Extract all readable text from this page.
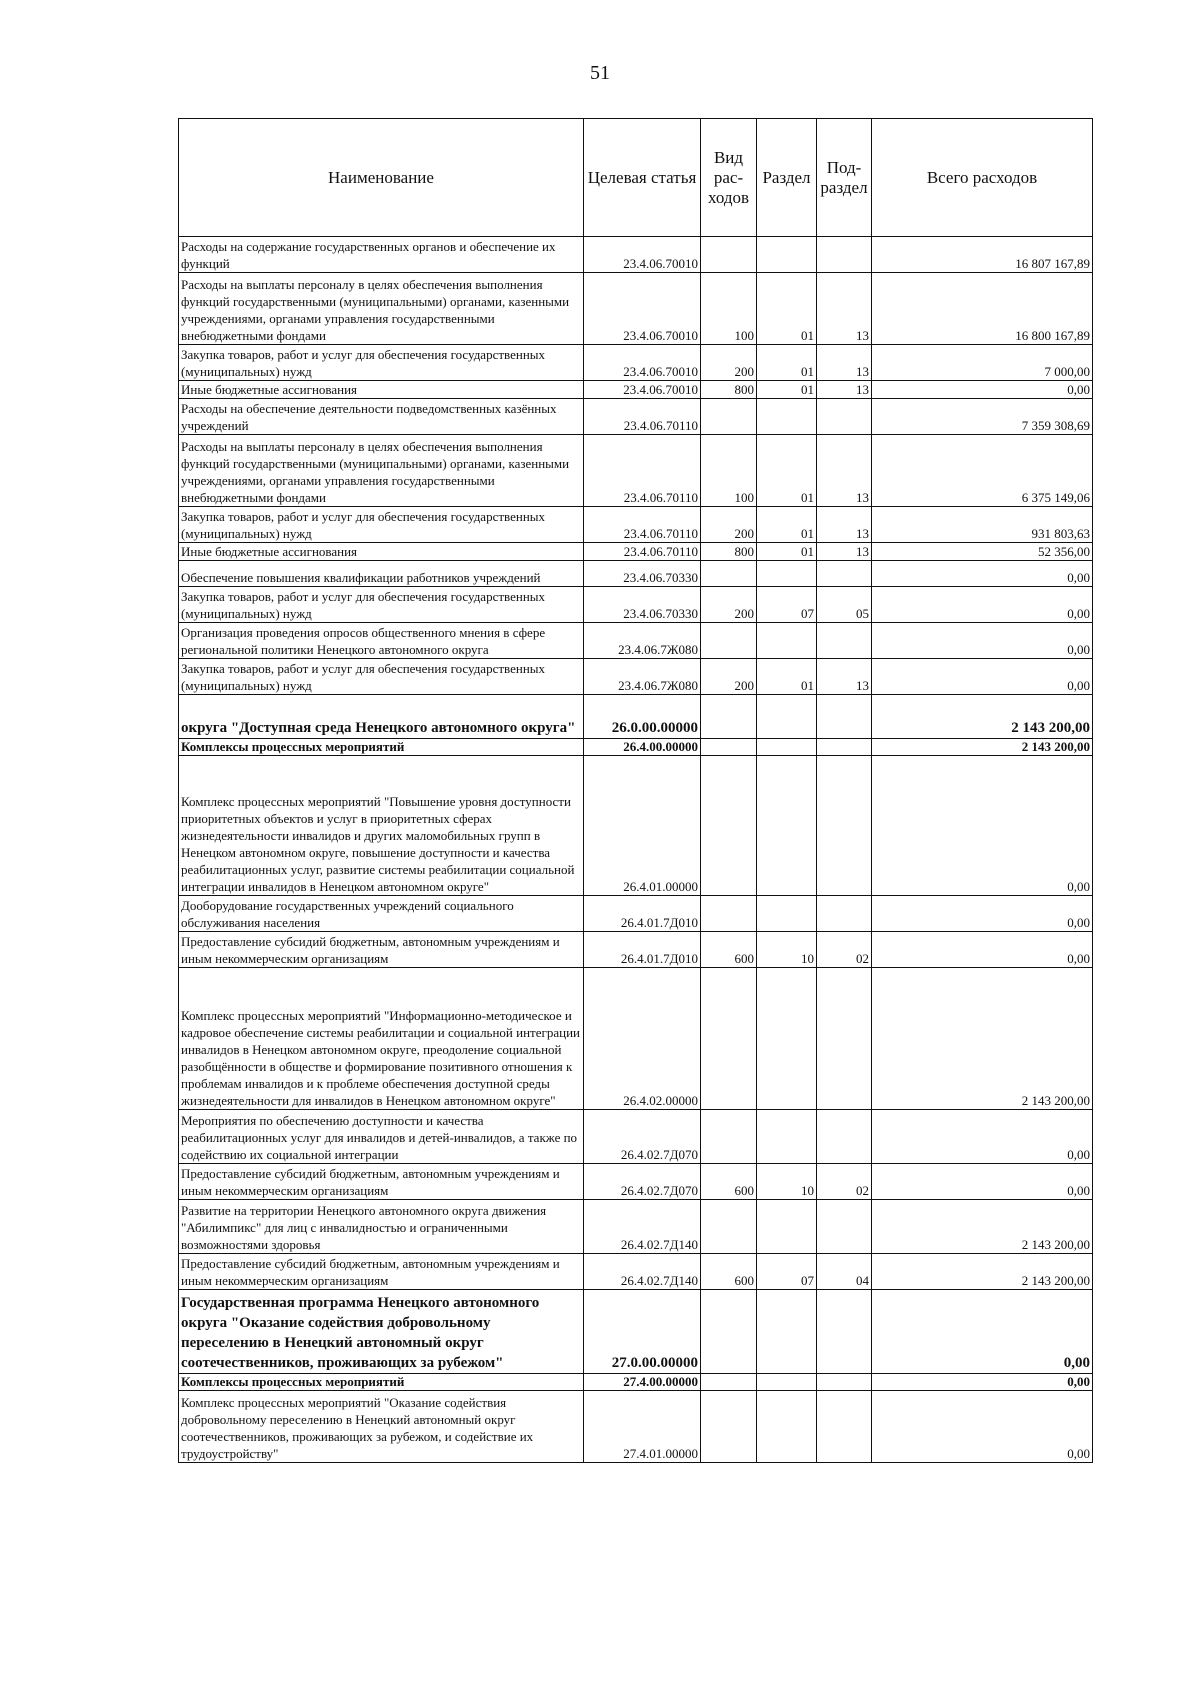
51
Наименование	Целевая статья	Вид рас-ходов	Раздел	Под-раздел	Всего расходов
Расходы на содержание государственных органов и обеспечение их функций	23.4.06.70010				16 807 167,89
Расходы на выплаты персоналу в целях обеспечения выполнения функций государственными (муниципальными) органами, казенными учреждениями, органами управления государственными внебюджетными фондами	23.4.06.70010	100	01	13	16 800 167,89
Закупка товаров, работ и услуг для обеспечения государственных (муниципальных) нужд	23.4.06.70010	200	01	13	7 000,00
Иные бюджетные ассигнования	23.4.06.70010	800	01	13	0,00
Расходы на обеспечение деятельности подведомственных казённых учреждений	23.4.06.70110				7 359 308,69
Расходы на выплаты персоналу в целях обеспечения выполнения функций государственными (муниципальными) органами, казенными учреждениями, органами управления государственными внебюджетными фондами	23.4.06.70110	100	01	13	6 375 149,06
Закупка товаров, работ и услуг для обеспечения государственных (муниципальных) нужд	23.4.06.70110	200	01	13	931 803,63
Иные бюджетные ассигнования	23.4.06.70110	800	01	13	52 356,00
Обеспечение повышения квалификации работников учреждений	23.4.06.70330				0,00
Закупка товаров, работ и услуг для обеспечения государственных (муниципальных) нужд	23.4.06.70330	200	07	05	0,00
Организация проведения опросов общественного мнения в сфере региональной политики Ненецкого автономного округа	23.4.06.7Ж080				0,00
Закупка товаров, работ и услуг для обеспечения государственных (муниципальных) нужд	23.4.06.7Ж080	200	01	13	0,00
округа "Доступная среда Ненецкого автономного округа"	26.0.00.00000				2 143 200,00
Комплексы процессных мероприятий	26.4.00.00000				2 143 200,00
Комплекс процессных мероприятий "Повышение уровня доступности приоритетных объектов и услуг в приоритетных сферах жизнедеятельности инвалидов и других маломобильных групп в Ненецком автономном округе, повышение доступности и качества реабилитационных услуг, развитие системы реабилитации социальной интеграции инвалидов в Ненецком автономном округе"	26.4.01.00000				0,00
Дооборудование государственных учреждений социального обслуживания населения	26.4.01.7Д010				0,00
Предоставление субсидий бюджетным, автономным учреждениям и иным некоммерческим организациям	26.4.01.7Д010	600	10	02	0,00
Комплекс процессных мероприятий "Информационно-методическое и кадровое обеспечение системы реабилитации и социальной интеграции инвалидов в Ненецком автономном округе, преодоление социальной разобщённости в обществе и формирование позитивного отношения к проблемам инвалидов и к проблеме обеспечения доступной среды жизнедеятельности для инвалидов в Ненецком автономном округе"	26.4.02.00000				2 143 200,00
Мероприятия по обеспечению доступности и качества реабилитационных услуг для инвалидов и детей-инвалидов, а также по содействию их социальной интеграции	26.4.02.7Д070				0,00
Предоставление субсидий бюджетным, автономным учреждениям и иным некоммерческим организациям	26.4.02.7Д070	600	10	02	0,00
Развитие на территории Ненецкого автономного округа движения "Абилимпикс" для лиц с инвалидностью и ограниченными возможностями здоровья	26.4.02.7Д140				2 143 200,00
Предоставление субсидий бюджетным, автономным учреждениям и иным некоммерческим организациям	26.4.02.7Д140	600	07	04	2 143 200,00
Государственная программа Ненецкого автономного округа "Оказание содействия добровольному переселению в Ненецкий автономный округ соотечественников, проживающих за рубежом"	27.0.00.00000				0,00
Комплексы процессных мероприятий	27.4.00.00000				0,00
Комплекс процессных мероприятий "Оказание содействия добровольному переселению в Ненецкий автономный округ соотечественников, проживающих за рубежом, и содействие их трудоустройству"	27.4.01.00000				0,00
